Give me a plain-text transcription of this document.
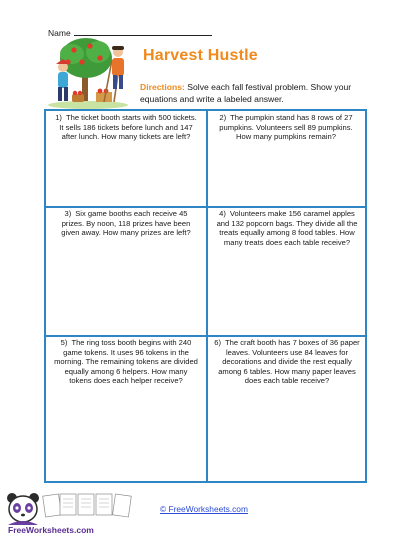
Name
Harvest Hustle
Directions: Solve each fall festival problem. Show your equations and write a labeled answer.
1) The ticket booth starts with 500 tickets. It sells 186 tickets before lunch and 147 after lunch. How many tickets are left?
2) The pumpkin stand has 8 rows of 27 pumpkins. Volunteers sell 89 pumpkins. How many pumpkins remain?
3) Six game booths each receive 45 prizes. By noon, 118 prizes have been given away. How many prizes are left?
4) Volunteers make 156 caramel apples and 132 popcorn bags. They divide all the treats equally among 8 food tables. How many treats does each table receive?
5) The ring toss booth begins with 240 game tokens. It uses 96 tokens in the morning. The remaining tokens are divided equally among 6 helpers. How many tokens does each helper receive?
6) The craft booth has 7 boxes of 36 paper leaves. Volunteers use 84 leaves for decorations and divide the rest equally among 6 tables. How many paper leaves does each table receive?
FreeWorksheets.com
© FreeWorksheets.com
